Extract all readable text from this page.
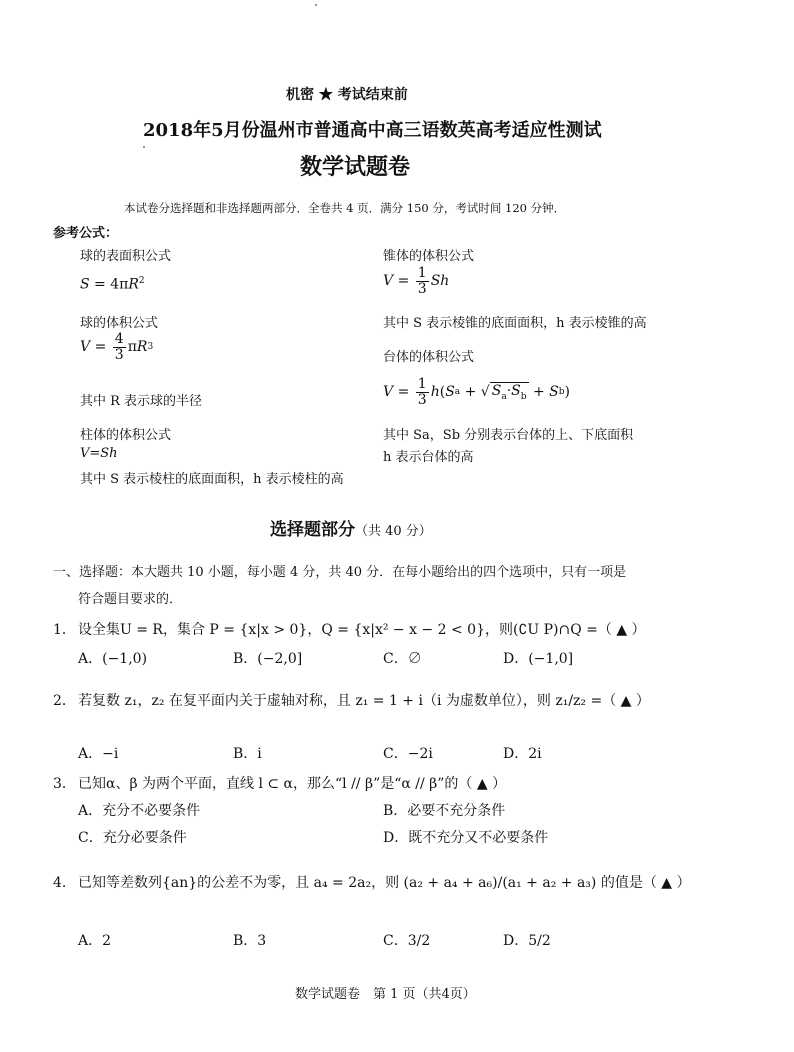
机密 ★ 考试结束前
2018年5月份温州市普通高中高三语数英高考适应性测试
数学试题卷
本试卷分选择题和非选择题两部分．全卷共 4 页．满分 150 分，考试时间 120 分钟．
参考公式：
球的表面积公式	锥体的体积公式
$S = 4\pi R^2$	$V = \frac{1}{3}$ Sh
球的体积公式	其中 S 表示棱锥的底面面积，h 表示棱锥的高
$V = \frac{4}{3}$ π R 3
台体的体积公式
其中 R 表示球的半径
$V = \frac{1}{3}$ h ( S a + √ $S_a\cdot S_b + S$ b )
柱体的体积公式	其中 Sa，Sb 分别表示台体的上、下底面积
V=Sh	h 表示台体的高
其中 S 表示棱柱的底面面积，h 表示棱柱的高
选择题部分（共 40 分）
一、选择题：本大题共 10 小题，每小题 4 分，共 40 分．在每小题给出的四个选项中，只有一项是
符合题目要求的．
1． 设全集U = R，集合 P = {x|x > 0}，Q = {x|x² − x − 2 < 0}，则(∁U P)∩Q =（ ▲ ）
A．(−1,0)	B．(−2,0]	C．∅	D．(−1,0]
2． 若复数 z₁，z₂ 在复平面内关于虚轴对称，且 z₁ = 1 + i（i 为虚数单位），则 z₁/z₂ =（ ▲ ）
A．−i	B．i	C．−2i	D．2i
3． 已知α、β 为两个平面，直线 l ⊂ α，那么“l // β”是“α // β”的（ ▲ ）
A．充分不必要条件	B．必要不充分条件
C．充分必要条件	D．既不充分又不必要条件
4． 已知等差数列{an}的公差不为零，且 a₄ = 2a₂，则 (a₂ + a₄ + a₆)/(a₁ + a₂ + a₃) 的值是（ ▲ ）
A．2	B．3	C．3/2	D．5/2
数学试题卷　第 1 页（共4页）
